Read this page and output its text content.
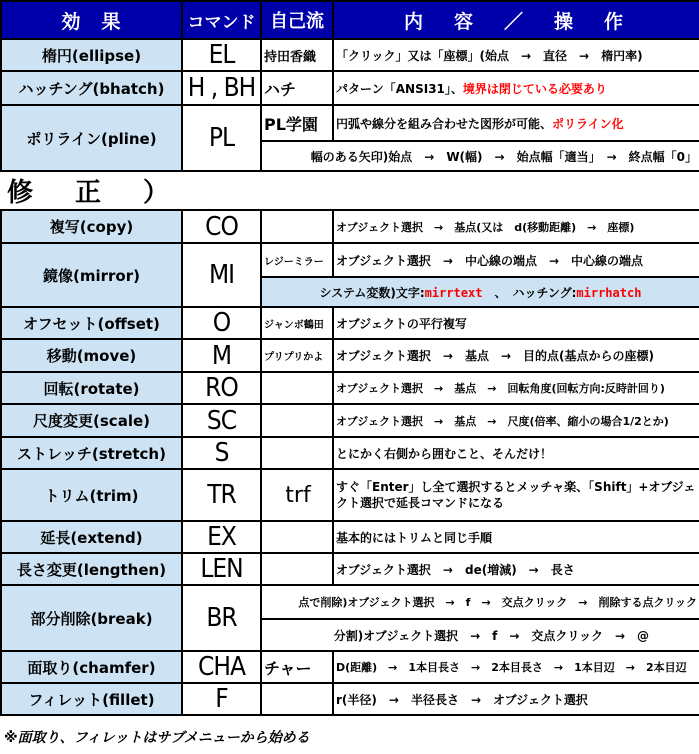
効　果	コマンド	自己流	内　容　／　操　作
楕円(ellipse)	EL	持田香織	「クリック」又は「座標」(始点　→　直径　→　楕円率)
ハッチング(bhatch)	H , BH	ハチ	パターン「ANSI31」、境界は閉じている必要あり
ポリライン(pline)	PL	PL学園	円弧や線分を組み合わせた図形が可能、ポリライン化
		幅のある矢印)始点　→　W(幅)　→　始点幅「適当」　→　終点幅「0」	
修　正　）			
複写(copy)	CO		オブジェクト選択　→　基点(又は　d(移動距離)　→　座標)
鏡像(mirror)	MI	レジーミラー	オブジェクト選択　→　中心線の端点　→　中心線の端点
		システム変数)文字:mirrtext　、　ハッチング:mirrhatch	
オフセット(offset)	O	ジャンボ鶴田	オブジェクトの平行複写
移動(move)	M	プリプリかよ	オブジェクト選択　→　基点　→　目的点(基点からの座標)
回転(rotate)	RO		オブジェクト選択　→　基点　→　回転角度(回転方向:反時計回り)
尺度変更(scale)	SC		オブジェクト選択　→　基点　→　尺度(倍率、縮小の場合1/2とか)
ストレッチ(stretch)	S		とにかく右側から囲むこと、そんだけ！
トリム(trim)	TR	trf	すぐ「Enter」し全て選択するとメッチャ楽、「Shift」+オブジェクト選択で延長コマンドになる
延長(extend)	EX		基本的にはトリムと同じ手順
長さ変更(lengthen)	LEN		オブジェクト選択　→　de(増減)　→　長さ
部分削除(break)	BR	点で削除)オブジェクト選択　→　f　→　交点クリック　→　削除する点クリック	
		分割)オブジェクト選択　→　f　→　交点クリック　→　@	
面取り(chamfer)	CHA	チャー	D(距離)　→　1本目長さ　→　2本目長さ　→　1本目辺　→　2本目辺
フィレット(fillet)	F		r(半径)　→　半径長さ　→　オブジェクト選択
※面取り、フィレットはサブメニューから始める
